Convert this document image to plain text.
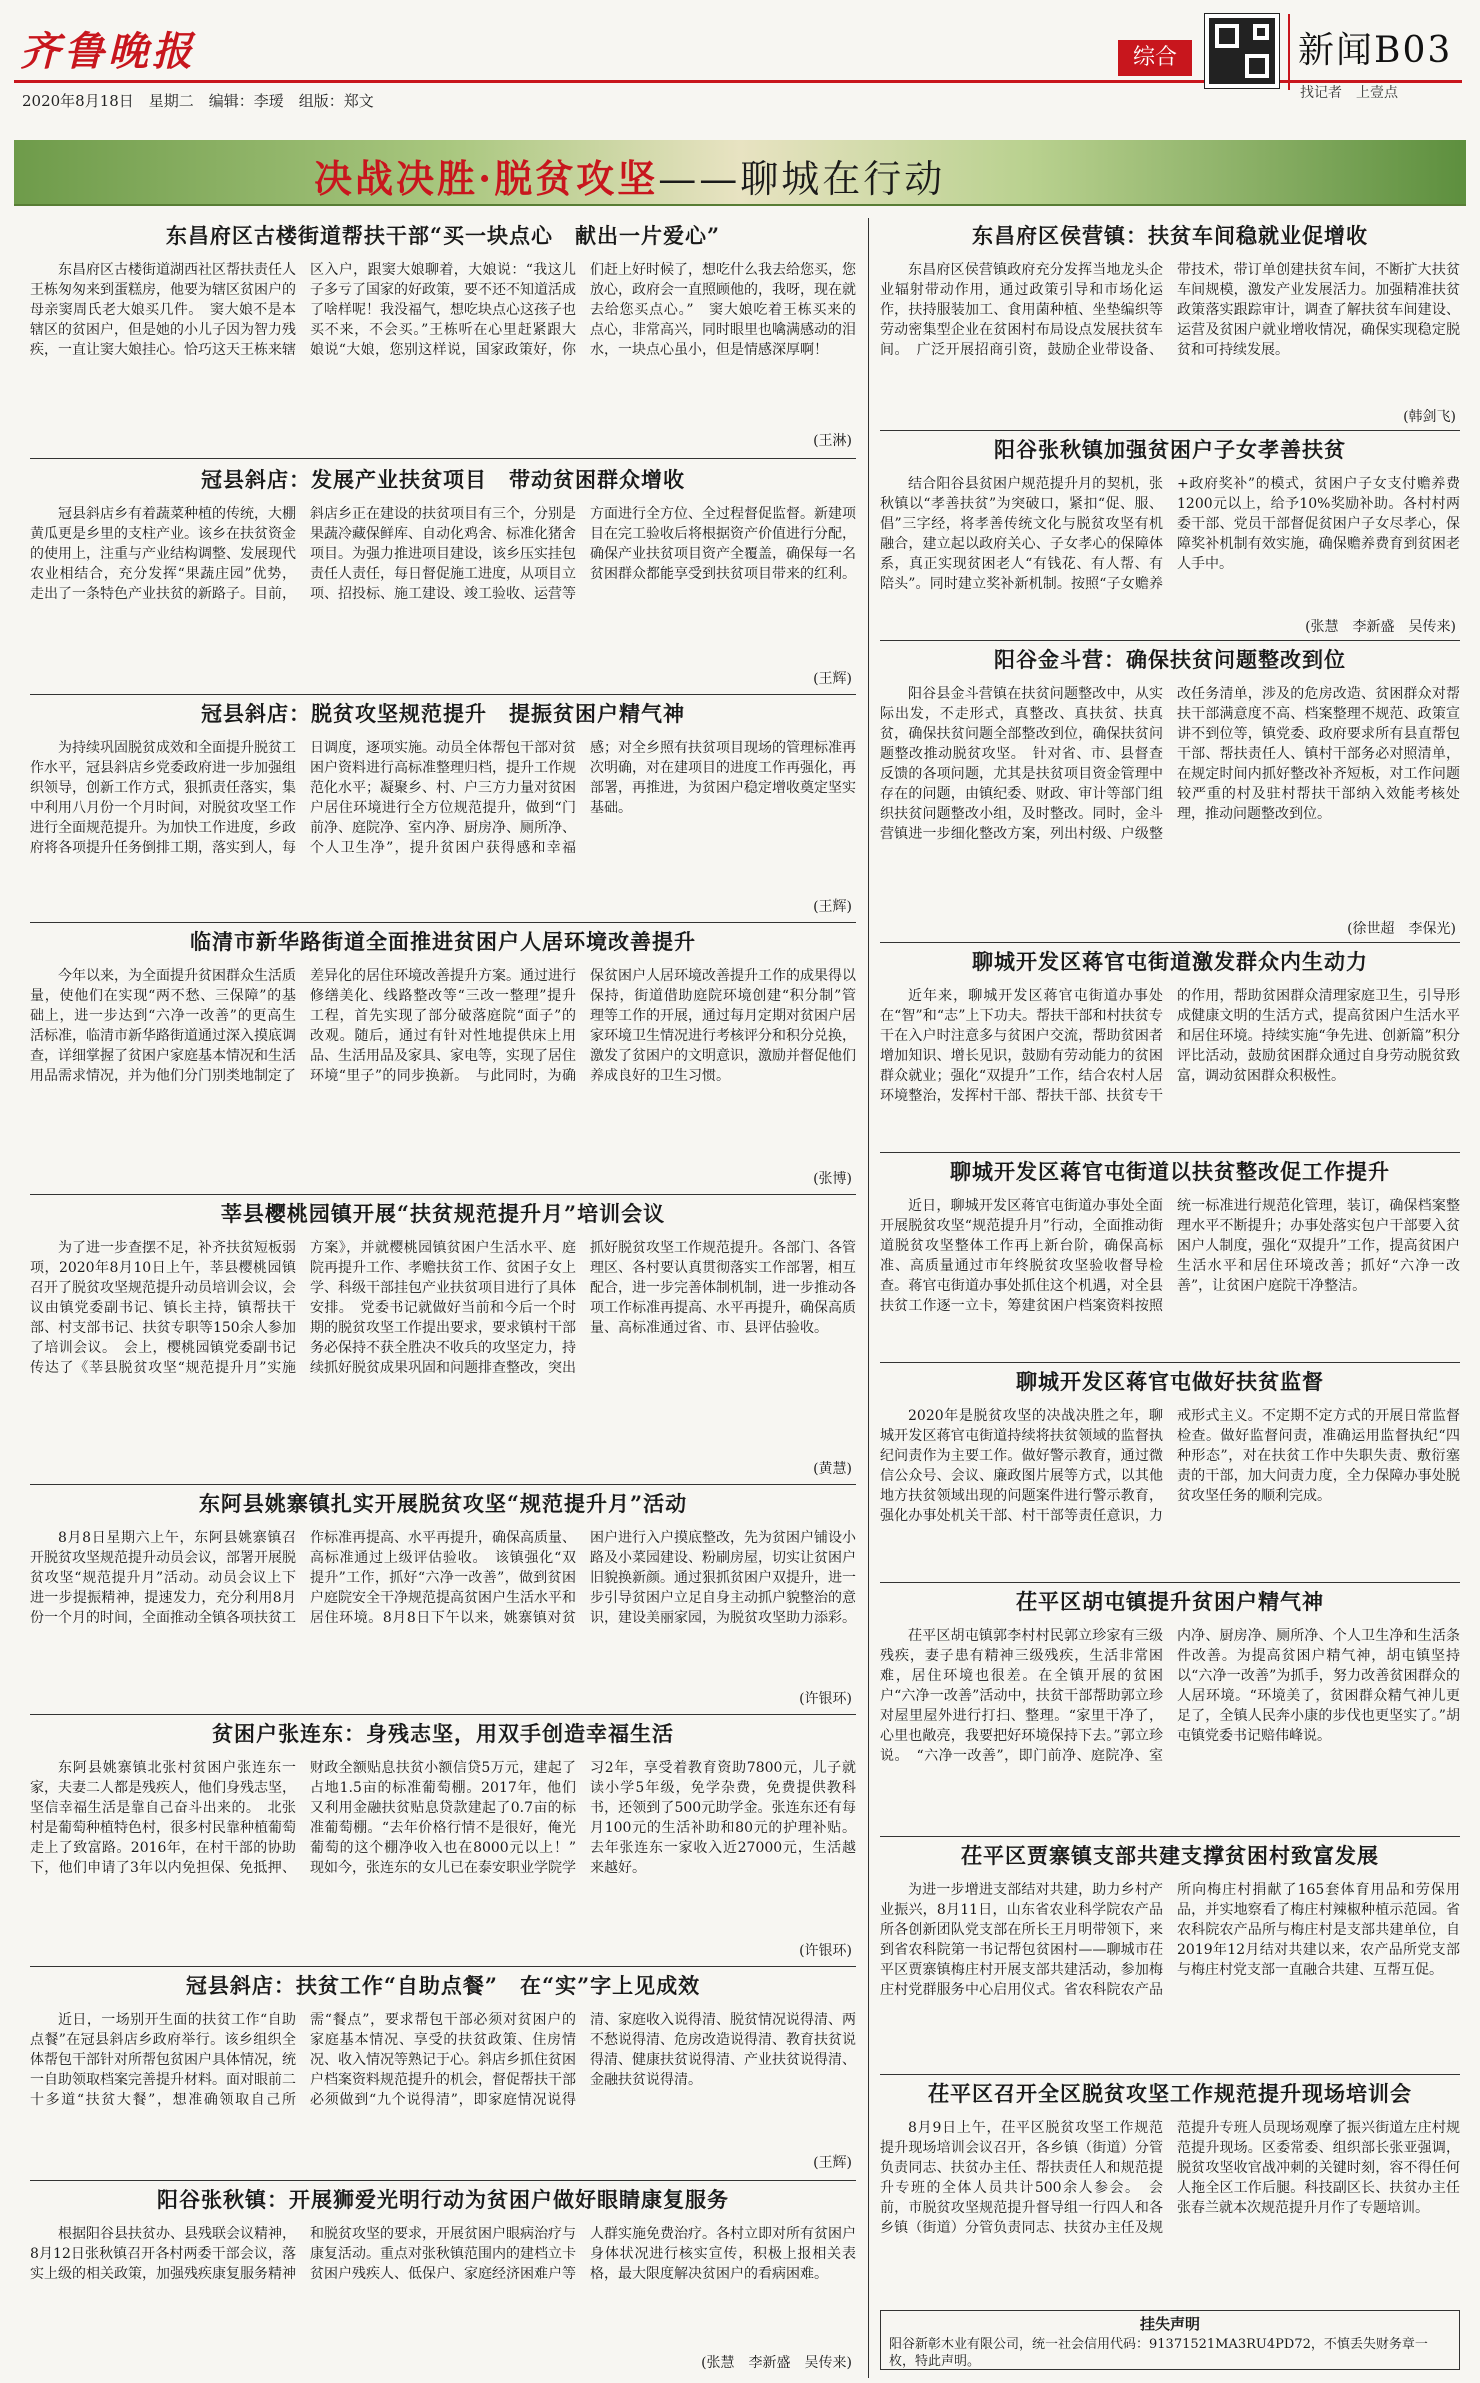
齐鲁晚报
2020年8月18日　星期二　编辑：李瑷　组版：郑文
综合	新闻B03
找记者　上壹点
决战决胜·脱贫攻坚——聊城在行动
东昌府区古楼街道帮扶干部“买一块点心　献出一片爱心”

东昌府区古楼街道湖西社区帮扶责任人王栋匆匆来到蛋糕房，他要为辖区贫困户的母亲窦周氏老大娘买几件。　窦大娘不是本辖区的贫困户，但是她的小儿子因为智力残疾，一直让窦大娘挂心。恰巧这天王栋来辖区入户，跟窦大娘聊着，大娘说：“我这儿子多亏了国家的好政策，要不还不知道活成了啥样呢！我没福气，想吃块点心这孩子也买不来，不会买。”王栋听在心里赶紧跟大娘说“大娘，您别这样说，国家政策好，你们赶上好时候了，想吃什么我去给您买，您放心，政府会一直照顾他的，我呀，现在就去给您买点心。”　窦大娘吃着王栋买来的点心，非常高兴，同时眼里也噙满感动的泪水，一块点心虽小，但是情感深厚啊！

(王淋)
冠县斜店：发展产业扶贫项目　带动贫困群众增收

冠县斜店乡有着蔬菜种植的传统，大棚黄瓜更是乡里的支柱产业。该乡在扶贫资金的使用上，注重与产业结构调整、发展现代农业相结合，充分发挥“果蔬庄园”优势，走出了一条特色产业扶贫的新路子。目前，斜店乡正在建设的扶贫项目有三个，分别是果蔬冷藏保鲜库、自动化鸡舍、标准化猪舍项目。为强力推进项目建设，该乡压实挂包责任人责任，每日督促施工进度，从项目立项、招投标、施工建设、竣工验收、运营等方面进行全方位、全过程督促监督。新建项目在完工验收后将根据资产价值进行分配，确保产业扶贫项目资产全覆盖，确保每一名贫困群众都能享受到扶贫项目带来的红利。

(王辉)
冠县斜店：脱贫攻坚规范提升　提振贫困户精气神

为持续巩固脱贫成效和全面提升脱贫工作水平，冠县斜店乡党委政府进一步加强组织领导，创新工作方式，狠抓责任落实，集中利用八月份一个月时间，对脱贫攻坚工作进行全面规范提升。为加快工作进度，乡政府将各项提升任务倒排工期，落实到人，每日调度，逐项实施。动员全体帮包干部对贫困户资料进行高标准整理归档，提升工作规范化水平；凝聚乡、村、户三方力量对贫困户居住环境进行全方位规范提升，做到“门前净、庭院净、室内净、厨房净、厕所净、个人卫生净”，提升贫困户获得感和幸福感；对全乡照有扶贫项目现场的管理标准再次明确，对在建项目的进度工作再强化，再部署，再推进，为贫困户稳定增收奠定坚实基础。

(王辉)
临清市新华路街道全面推进贫困户人居环境改善提升

今年以来，为全面提升贫困群众生活质量，使他们在实现“两不愁、三保障”的基础上，进一步达到“六净一改善”的更高生活标准，临清市新华路街道通过深入摸底调查，详细掌握了贫困户家庭基本情况和生活用品需求情况，并为他们分门别类地制定了差异化的居住环境改善提升方案。通过进行修缮美化、线路整改等“三改一整理”提升工程，首先实现了部分破落庭院“面子”的改观。随后，通过有针对性地提供床上用品、生活用品及家具、家电等，实现了居住环境“里子”的同步换新。　与此同时，为确保贫困户人居环境改善提升工作的成果得以保持，街道借助庭院环境创建“积分制”管理等工作的开展，通过每月定期对贫困户居家环境卫生情况进行考核评分和积分兑换，激发了贫困户的文明意识，激励并督促他们养成良好的卫生习惯。

(张博)
莘县樱桃园镇开展“扶贫规范提升月”培训会议

为了进一步查摆不足，补齐扶贫短板弱项，2020年8月10日上午，莘县樱桃园镇召开了脱贫攻坚规范提升动员培训会议，会议由镇党委副书记、镇长主持，镇帮扶干部、村支部书记、扶贫专职等150余人参加了培训会议。　会上，樱桃园镇党委副书记传达了《莘县脱贫攻坚“规范提升月”实施方案》，并就樱桃园镇贫困户生活水平、庭院再提升工作、孝赡扶贫工作、贫困子女上学、科级干部挂包产业扶贫项目进行了具体安排。　党委书记就做好当前和今后一个时期的脱贫攻坚工作提出要求，要求镇村干部务必保持不获全胜决不收兵的攻坚定力，持续抓好脱贫成果巩固和问题排查整改，突出抓好脱贫攻坚工作规范提升。各部门、各管理区、各村要认真贯彻落实工作部署，相互配合，进一步完善体制机制，进一步推动各项工作标准再提高、水平再提升，确保高质量、高标准通过省、市、县评估验收。

(黄慧)
东阿县姚寨镇扎实开展脱贫攻坚“规范提升月”活动

8月8日星期六上午，东阿县姚寨镇召开脱贫攻坚规范提升动员会议，部署开展脱贫攻坚“规范提升月”活动。动员会议上下进一步提振精神，提速发力，充分利用8月份一个月的时间，全面推动全镇各项扶贫工作标准再提高、水平再提升，确保高质量、高标准通过上级评估验收。　该镇强化“双提升”工作，抓好“六净一改善”，做到贫困户庭院安全干净规范提高贫困户生活水平和居住环境。8月8日下午以来，姚寨镇对贫困户进行入户摸底整改，先为贫困户铺设小路及小菜园建设、粉刷房屋，切实让贫困户旧貌换新颜。通过狠抓贫困户双提升，进一步引导贫困户立足自身主动抓户貌整治的意识，建设美丽家园，为脱贫攻坚助力添彩。

(许银环)
贫困户张连东：身残志坚，用双手创造幸福生活

东阿县姚寨镇北张村贫困户张连东一家，夫妻二人都是残疾人，他们身残志坚，坚信幸福生活是靠自己奋斗出来的。　北张村是葡萄种植特色村，很多村民靠种植葡萄走上了致富路。2016年，在村干部的协助下，他们申请了3年以内免担保、免抵押、财政全额贴息扶贫小额信贷5万元，建起了占地1.5亩的标准葡萄棚。2017年，他们又利用金融扶贫贴息贷款建起了0.7亩的标准葡萄棚。“去年价格行情不是很好，俺光葡萄的这个棚净收入也在8000元以上！”　现如今，张连东的女儿已在泰安职业学院学习2年，享受着教育资助7800元，儿子就读小学5年级，免学杂费，免费提供教科书，还领到了500元助学金。张连东还有每月100元的生活补助和80元的护理补贴。去年张连东一家收入近27000元，生活越来越好。

(许银环)
冠县斜店：扶贫工作“自助点餐”　在“实”字上见成效

近日，一场别开生面的扶贫工作“自助点餐”在冠县斜店乡政府举行。该乡组织全体帮包干部针对所帮包贫困户具体情况，统一自助领取档案完善提升材料。面对眼前二十多道“扶贫大餐”，想准确领取自己所需“餐点”，要求帮包干部必须对贫困户的家庭基本情况、享受的扶贫政策、住房情况、收入情况等熟记于心。斜店乡抓住贫困户档案资料规范提升的机会，督促帮扶干部必须做到“九个说得清”，即家庭情况说得清、家庭收入说得清、脱贫情况说得清、两不愁说得清、危房改造说得清、教育扶贫说得清、健康扶贫说得清、产业扶贫说得清、金融扶贫说得清。

(王辉)
阳谷张秋镇：开展狮爱光明行动为贫困户做好眼睛康复服务

根据阳谷县扶贫办、县残联会议精神，8月12日张秋镇召开各村两委干部会议，落实上级的相关政策，加强残疾康复服务精神和脱贫攻坚的要求，开展贫困户眼病治疗与康复活动。重点对张秋镇范围内的建档立卡贫困户残疾人、低保户、家庭经济困难户等人群实施免费治疗。各村立即对所有贫困户身体状况进行核实宣传，积极上报相关表格，最大限度解决贫困户的看病困难。

(张慧　李新盛　吴传来)
东昌府区侯营镇：扶贫车间稳就业促增收

东昌府区侯营镇政府充分发挥当地龙头企业辐射带动作用，通过政策引导和市场化运作，扶持服装加工、食用菌种植、坐垫编织等劳动密集型企业在贫困村布局设点发展扶贫车间。　广泛开展招商引资，鼓励企业带设备、带技术，带订单创建扶贫车间，不断扩大扶贫车间规模，激发产业发展活力。加强精准扶贫政策落实跟踪审计，调查了解扶贫车间建设、运营及贫困户就业增收情况，确保实现稳定脱贫和可持续发展。

(韩剑飞)
阳谷张秋镇加强贫困户子女孝善扶贫

结合阳谷县贫困户规范提升月的契机，张秋镇以“孝善扶贫”为突破口，紧扣“促、服、倡”三字经，将孝善传统文化与脱贫攻坚有机融合，建立起以政府关心、子女孝心的保障体系，真正实现贫困老人“有钱花、有人帮、有陪头”。同时建立奖补新机制。按照“子女赡养+政府奖补”的模式，贫困户子女支付赡养费1200元以上，给予10%奖励补助。各村村两委干部、党员干部督促贫困户子女尽孝心，保障奖补机制有效实施，确保赡养费育到贫困老人手中。

(张慧　李新盛　吴传来)
阳谷金斗营：确保扶贫问题整改到位

阳谷县金斗营镇在扶贫问题整改中，从实际出发，不走形式，真整改、真扶贫、扶真贫，确保扶贫问题全部整改到位，确保扶贫问题整改推动脱贫攻坚。　针对省、市、县督查反馈的各项问题，尤其是扶贫项目资金管理中存在的问题，由镇纪委、财政、审计等部门组织扶贫问题整改小组，及时整改。同时，金斗营镇进一步细化整改方案，列出村级、户级整改任务清单，涉及的危房改造、贫困群众对帮扶干部满意度不高、档案整理不规范、政策宣讲不到位等，镇党委、政府要求所有县直帮包干部、帮扶责任人、镇村干部务必对照清单，在规定时间内抓好整改补齐短板，对工作问题较严重的村及驻村帮扶干部纳入效能考核处理，推动问题整改到位。

(徐世超　李保光)
聊城开发区蒋官屯街道激发群众内生动力

近年来，聊城开发区蒋官屯街道办事处在“智”和“志”上下功夫。帮扶干部和村扶贫专干在入户时注意多与贫困户交流，帮助贫困者增加知识、增长见识，鼓励有劳动能力的贫困群众就业；强化“双提升”工作，结合农村人居环境整治，发挥村干部、帮扶干部、扶贫专干的作用，帮助贫困群众清理家庭卫生，引导形成健康文明的生活方式，提高贫困户生活水平和居住环境。持续实施“争先进、创新篇”积分评比活动，鼓励贫困群众通过自身劳动脱贫致富，调动贫困群众积极性。

聊城开发区蒋官屯街道以扶贫整改促工作提升

近日，聊城开发区蒋官屯街道办事处全面开展脱贫攻坚“规范提升月”行动，全面推动街道脱贫攻坚整体工作再上新台阶，确保高标准、高质量通过市年终脱贫攻坚验收督导检查。蒋官屯街道办事处抓住这个机遇，对全县扶贫工作逐一立卡，筹建贫困户档案资料按照统一标准进行规范化管理，装订，确保档案整理水平不断提升；办事处落实包户干部要入贫困户人制度，强化“双提升”工作，提高贫困户生活水平和居住环境改善；抓好“六净一改善”，让贫困户庭院干净整洁。

聊城开发区蒋官屯做好扶贫监督

2020年是脱贫攻坚的决战决胜之年，聊城开发区蒋官屯街道持续将扶贫领域的监督执纪问责作为主要工作。做好警示教育，通过微信公众号、会议、廉政图片展等方式，以其他地方扶贫领域出现的问题案件进行警示教育，强化办事处机关干部、村干部等责任意识，力戒形式主义。不定期不定方式的开展日常监督检查。做好监督问责，准确运用监督执纪“四种形态”，对在扶贫工作中失职失责、敷衍塞责的干部，加大问责力度，全力保障办事处脱贫攻坚任务的顺利完成。

茌平区胡屯镇提升贫困户精气神

茌平区胡屯镇郭李村村民郭立珍家有三级残疾，妻子患有精神三级残疾，生活非常困难，居住环境也很差。在全镇开展的贫困户“六净一改善”活动中，扶贫干部帮助郭立珍对屋里屋外进行打扫、整理。“家里干净了，心里也敞亮，我要把好环境保持下去。”郭立珍说。　“六净一改善”，即门前净、庭院净、室内净、厨房净、厕所净、个人卫生净和生活条件改善。为提高贫困户精气神，胡屯镇坚持以“六净一改善”为抓手，努力改善贫困群众的人居环境。“环境美了，贫困群众精气神儿更足了，全镇人民奔小康的步伐也更坚实了。”胡屯镇党委书记赔伟峰说。

茌平区贾寨镇支部共建支撑贫困村致富发展

为进一步增进支部结对共建，助力乡村产业振兴，8月11日，山东省农业科学院农产品所各创新团队党支部在所长王月明带领下，来到省农科院第一书记帮包贫困村——聊城市茌平区贾寨镇梅庄村开展支部共建活动，参加梅庄村党群服务中心启用仪式。省农科院农产品所向梅庄村捐献了165套体育用品和劳保用品，并实地察看了梅庄村辣椒种植示范园。省农科院农产品所与梅庄村是支部共建单位，自2019年12月结对共建以来，农产品所党支部与梅庄村党支部一直融合共建、互帮互促。

茌平区召开全区脱贫攻坚工作规范提升现场培训会

8月9日上午，茌平区脱贫攻坚工作规范提升现场培训会议召开，各乡镇（街道）分管负责同志、扶贫办主任、帮扶责任人和规范提升专班的全体人员共计500余人参会。　会前，市脱贫攻坚规范提升督导组一行四人和各乡镇（街道）分管负责同志、扶贫办主任及规范提升专班人员现场观摩了振兴街道左庄村规范提升现场。区委常委、组织部长张亚强调，脱贫攻坚收官战冲刺的关键时刻，容不得任何人拖全区工作后腿。科技副区长、扶贫办主任张春兰就本次规范提升月作了专题培训。

挂失声明
阳谷新彰木业有限公司，统一社会信用代码：91371521MA3RU4PD72，不慎丢失财务章一枚，特此声明。
